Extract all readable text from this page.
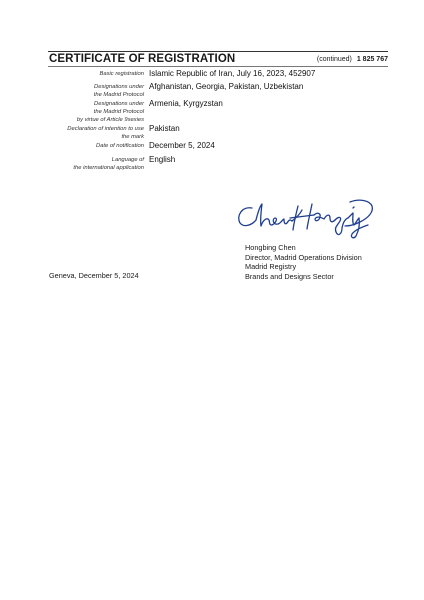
CERTIFICATE OF REGISTRATION	(continued) 1 825 767
Basic registration Islamic Republic of Iran, July 16, 2023, 452907
Designations under
the Madrid Protocol
Afghanistan, Georgia, Pakistan, Uzbekistan
Designations under
the Madrid Protocol
by virtue of Article 9sexies
Armenia, Kyrgyzstan
Declaration of intention to use
the mark
Pakistan
Date of notification December 5, 2024
Language of
the international application
English
Hongbing Chen
Director, Madrid Operations Division
Madrid Registry
Brands and Designs Sector
Geneva, December 5, 2024
